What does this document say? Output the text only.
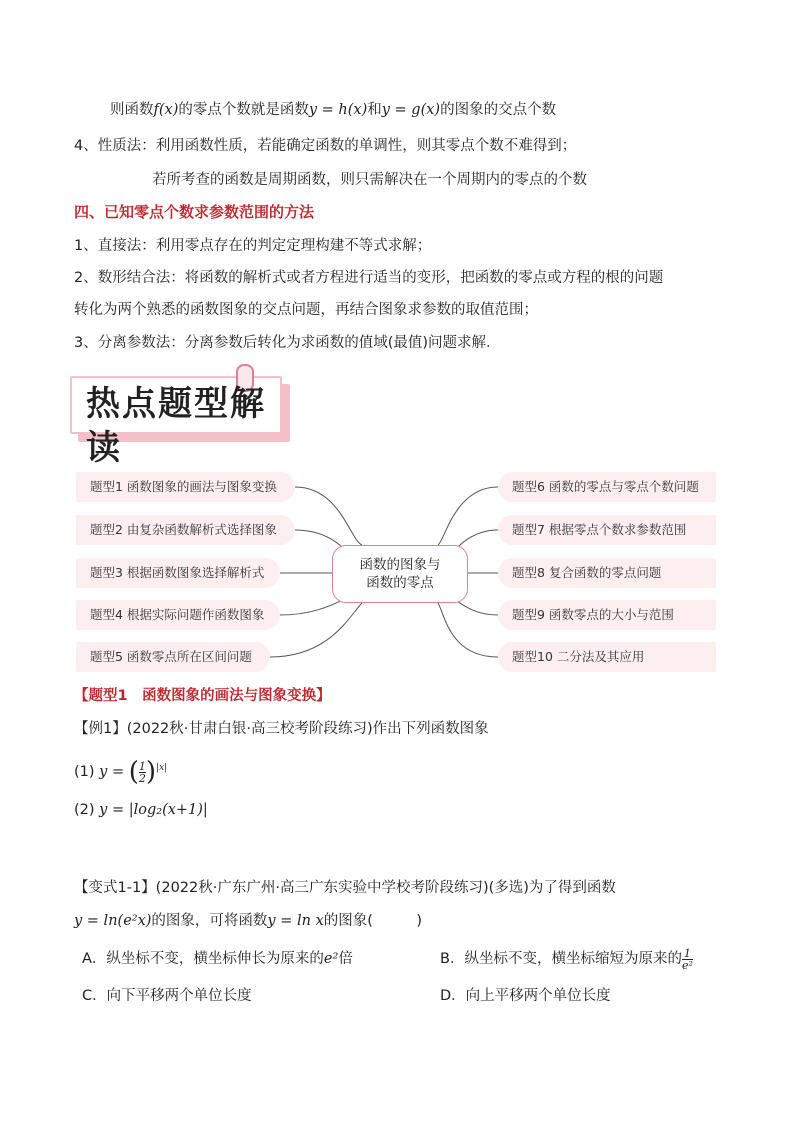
则函数f(x)的零点个数就是函数y = h(x)和y = g(x)的图象的交点个数
4、性质法：利用函数性质，若能确定函数的单调性，则其零点个数不难得到；
若所考查的函数是周期函数，则只需解决在一个周期内的零点的个数
四、已知零点个数求参数范围的方法
1、直接法：利用零点存在的判定定理构建不等式求解；
2、数形结合法：将函数的解析式或者方程进行适当的变形，把函数的零点或方程的根的问题
转化为两个熟悉的函数图象的交点问题，再结合图象求参数的取值范围；
3、分离参数法：分离参数后转化为求函数的值域(最值)问题求解．
热点题型解读
题型1 函数图象的画法与图象变换
题型2 由复杂函数解析式选择图象
题型3 根据函数图象选择解析式
题型4 根据实际问题作函数图象
题型5 函数零点所在区间问题
题型6 函数的零点与零点个数问题
题型7 根据零点个数求参数范围
题型8 复合函数的零点问题
题型9 函数零点的大小与范围
题型10 二分法及其应用
函数的图象与
函数的零点
【题型1　函数图象的画法与图象变换】
【例1】(2022秋·甘肃白银·高三校考阶段练习)作出下列函数图象
(1) $y = (\frac{1}{2})^{|x|}$
(2) y = |log₂(x+1)|
【变式1-1】(2022秋·广东广州·高三广东实验中学校考阶段练习)(多选)为了得到函数
y = ln(e²x)的图象，可将函数y = ln x的图象(　　　)
A．纵坐标不变，横坐标伸长为原来的e²倍	B．纵坐标不变，横坐标缩短为原来的$\frac{1}{\text{e²}}$
C．向下平移两个单位长度	D．向上平移两个单位长度
